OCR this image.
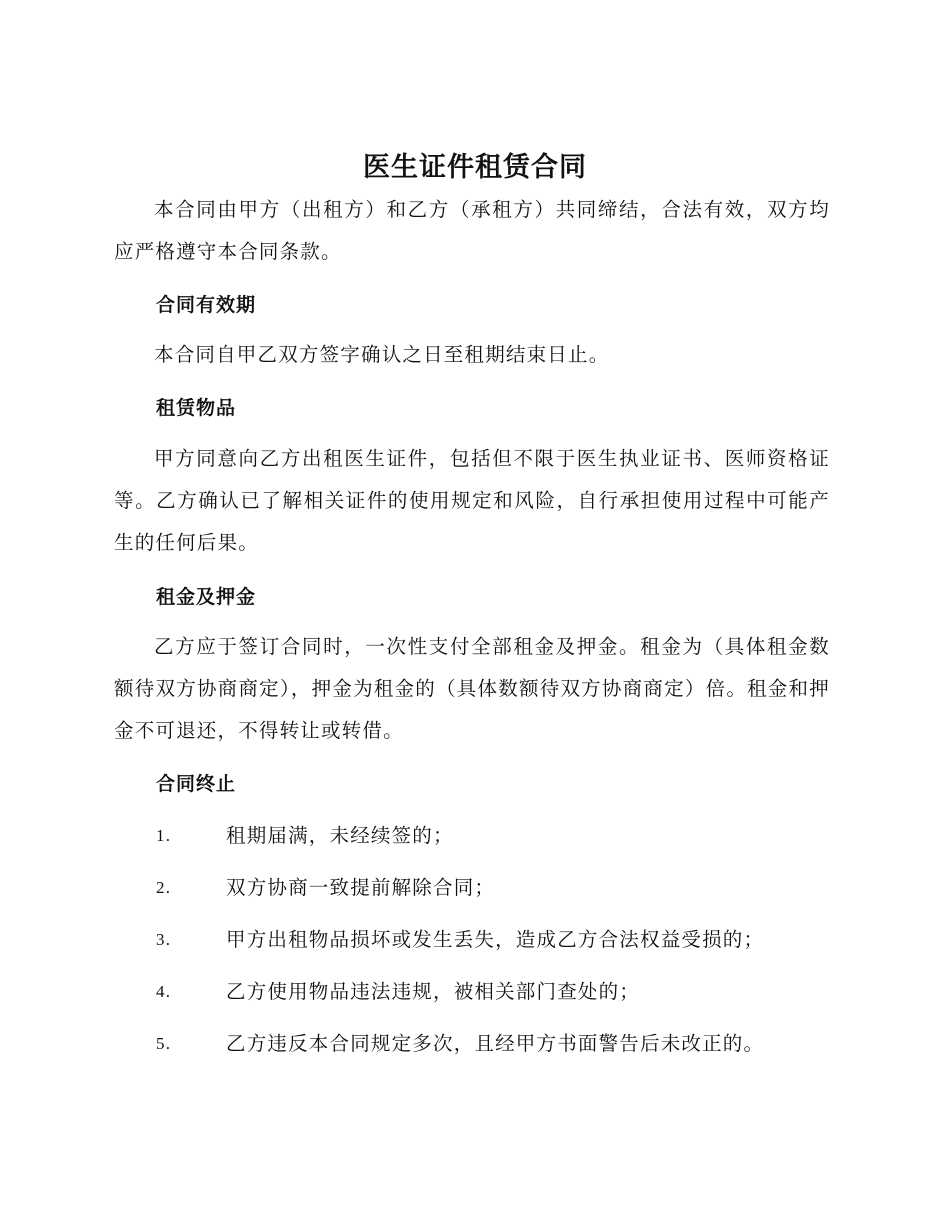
医生证件租赁合同
本合同由甲方（出租方）和乙方（承租方）共同缔结，合法有效，双方均应严格遵守本合同条款。
合同有效期
本合同自甲乙双方签字确认之日至租期结束日止。
租赁物品
甲方同意向乙方出租医生证件，包括但不限于医生执业证书、医师资格证等。乙方确认已了解相关证件的使用规定和风险，自行承担使用过程中可能产生的任何后果。
租金及押金
乙方应于签订合同时，一次性支付全部租金及押金。租金为（具体租金数额待双方协商商定），押金为租金的（具体数额待双方协商商定）倍。租金和押金不可退还，不得转让或转借。
合同终止
1.	租期届满，未经续签的；
2.	双方协商一致提前解除合同；
3.	甲方出租物品损坏或发生丢失，造成乙方合法权益受损的；
4.	乙方使用物品违法违规，被相关部门查处的；
5.	乙方违反本合同规定多次，且经甲方书面警告后未改正的。
